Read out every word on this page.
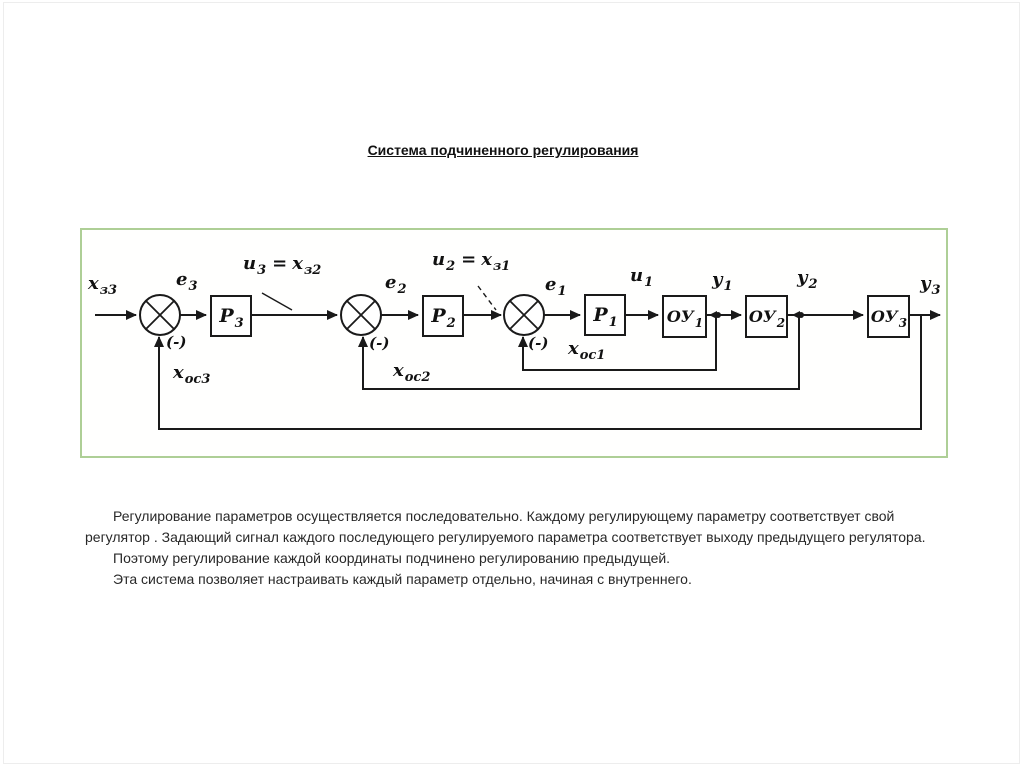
Система подчиненного регулирования
$Р_3$	$Р_2$	$Р_1$	$ОУ_1$	$ОУ_2$	$ОУ_3$
$x_{з3}$
$e_3$
$u_3 = x_{з2}$
$e_2$
$u_2 = x_{з1}$
$e_1$
$u_1$	$y_1$	$y_2$	$y_3$
(-)	(-)	(-)
$x_{ос3}$	$x_{ос2}$
$x_{ос1}$

Регулирование параметров осуществляется последовательно. Каждому регулирующему параметру соответствует свой регулятор . Задающий сигнал каждого последующего регулируемого параметра соответствует выходу предыдущего регулятора.

Поэтому регулирование каждой координаты подчинено регулированию предыдущей.

Эта система позволяет настраивать каждый параметр отдельно, начиная с внутреннего.
